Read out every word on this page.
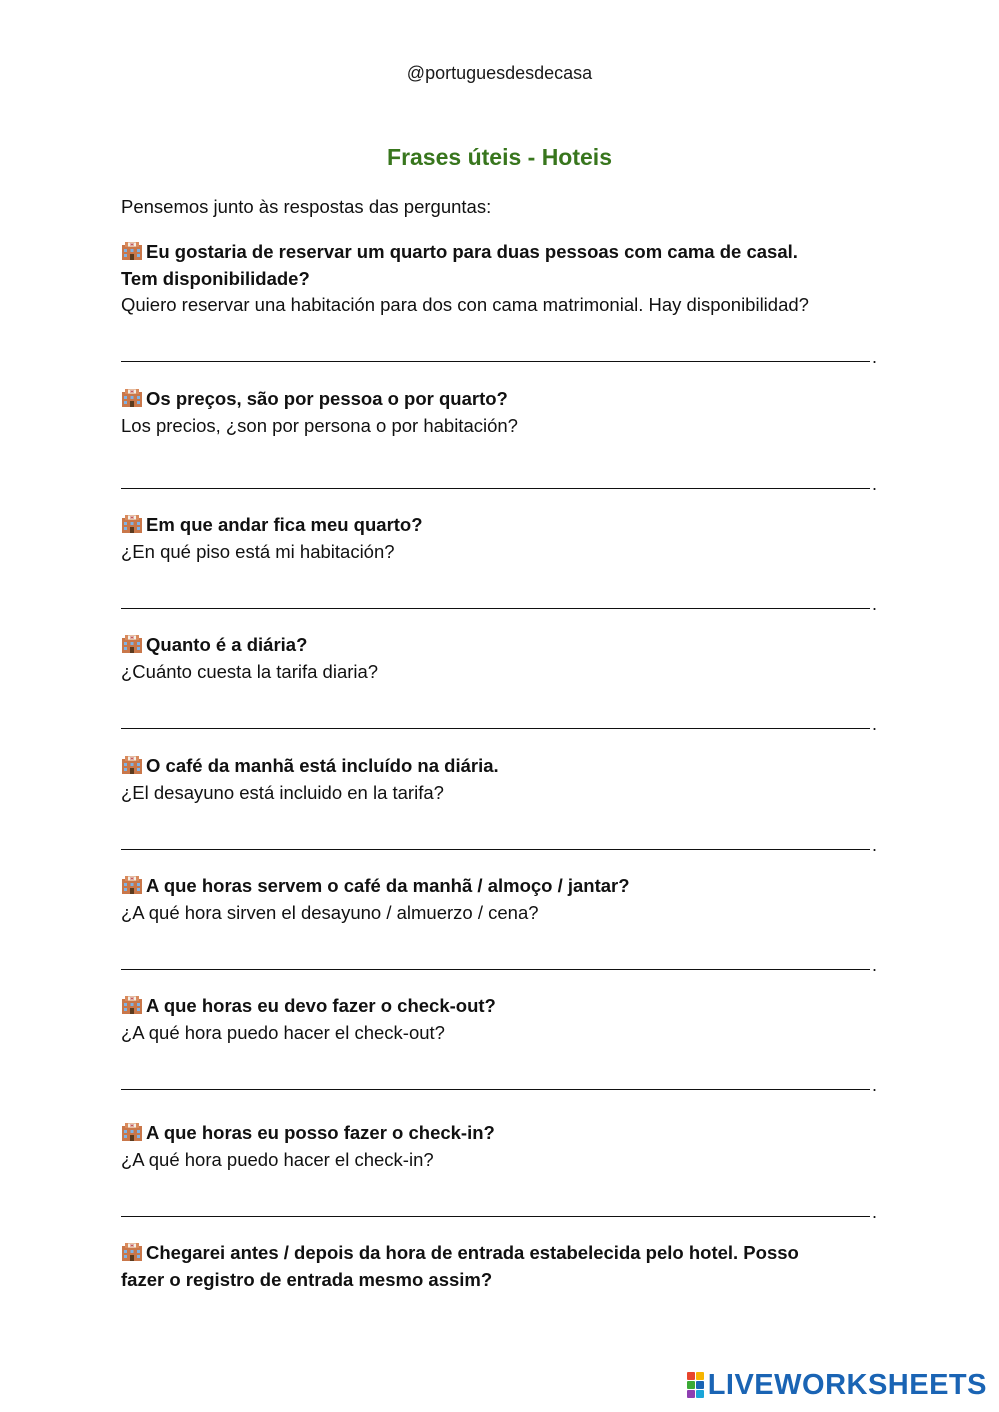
@portuguesdesdecasa
Frases úteis - Hoteis
Pensemos junto às respostas das perguntas:
H Eu gostaria de reservar um quarto para duas pessoas com cama de casal.
Tem disponibilidade?
Quiero reservar una habitación para dos con cama matrimonial. Hay disponibilidad?
.
H Os preços, são por pessoa o por quarto?
Los precios, ¿son por persona o por habitación?
.
H Em que andar fica meu quarto?
¿En qué piso está mi habitación?
.
H Quanto é a diária?
¿Cuánto cuesta la tarifa diaria?
.
H O café da manhã está incluído na diária.
¿El desayuno está incluido en la tarifa?
.
H A que horas servem o café da manhã / almoço / jantar?
¿A qué hora sirven el desayuno / almuerzo / cena?
.
H A que horas eu devo fazer o check-out?
¿A qué hora puedo hacer el check-out?
.
H A que horas eu posso fazer o check-in?
¿A qué hora puedo hacer el check-in?
.
H Chegarei antes / depois da hora de entrada estabelecida pelo hotel. Posso
fazer o registro de entrada mesmo assim?
LIVEWORKSHEETS
